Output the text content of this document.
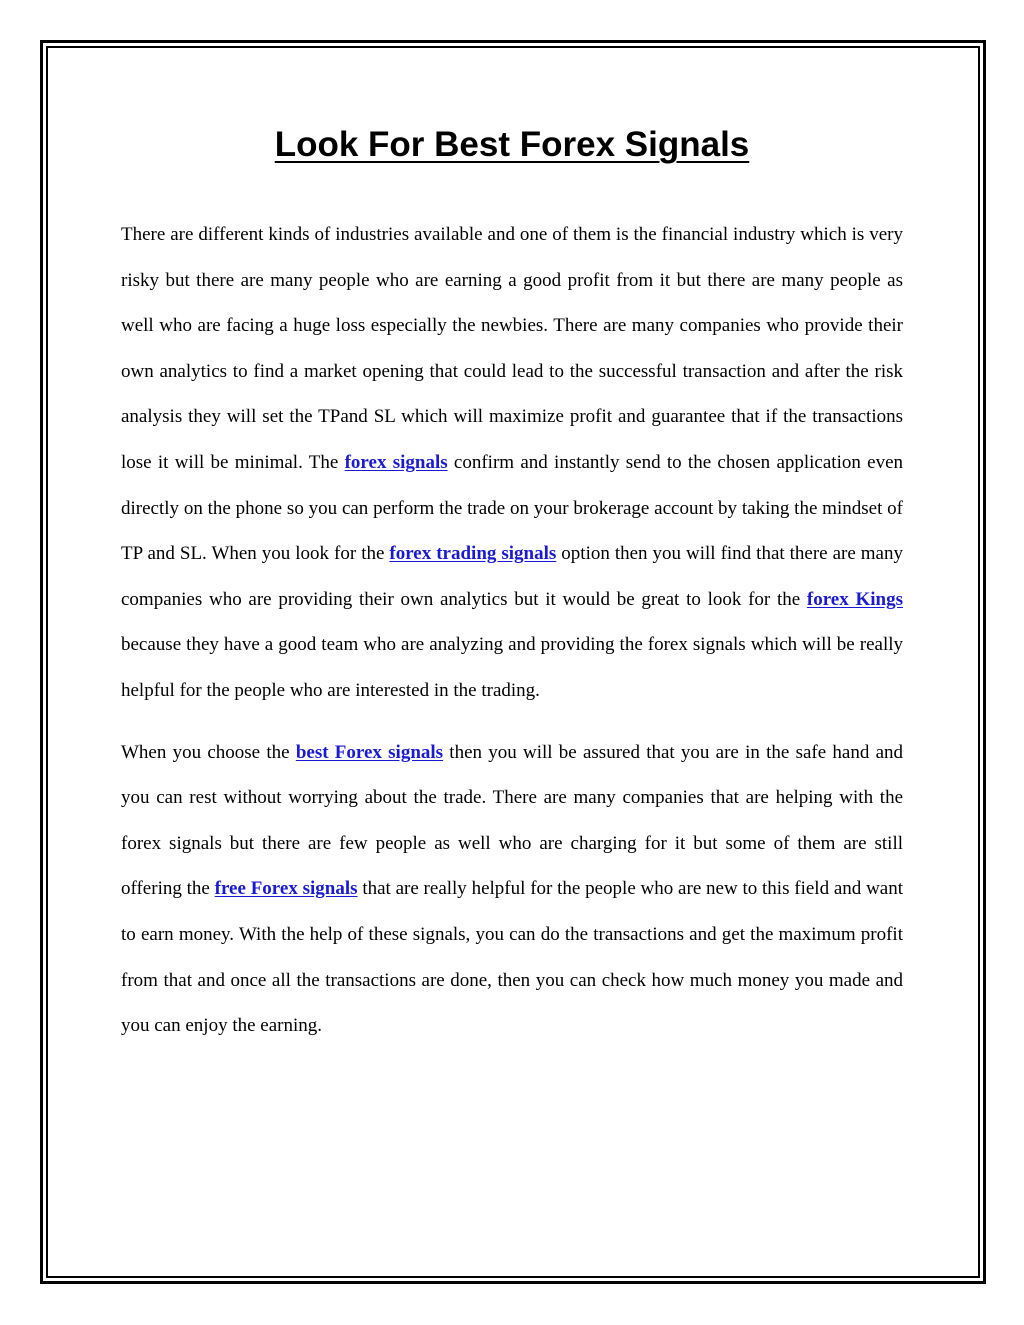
Look For Best Forex Signals

There are different kinds of industries available and one of them is the financial industry which is very risky but there are many people who are earning a good profit from it but there are many people as well who are facing a huge loss especially the newbies. There are many companies who provide their own analytics to find a market opening that could lead to the successful transaction and after the risk analysis they will set the TPand SL which will maximize profit and guarantee that if the transactions lose it will be minimal. The forex signals confirm and instantly send to the chosen application even directly on the phone so you can perform the trade on your brokerage account by taking the mindset of TP and SL. When you look for the forex trading signals option then you will find that there are many companies who are providing their own analytics but it would be great to look for the forex Kings because they have a good team who are analyzing and providing the forex signals which will be really helpful for the people who are interested in the trading.

When you choose the best Forex signals then you will be assured that you are in the safe hand and you can rest without worrying about the trade. There are many companies that are helping with the forex signals but there are few people as well who are charging for it but some of them are still offering the free Forex signals that are really helpful for the people who are new to this field and want to earn money. With the help of these signals, you can do the transactions and get the maximum profit from that and once all the transactions are done, then you can check how much money you made and you can enjoy the earning.
